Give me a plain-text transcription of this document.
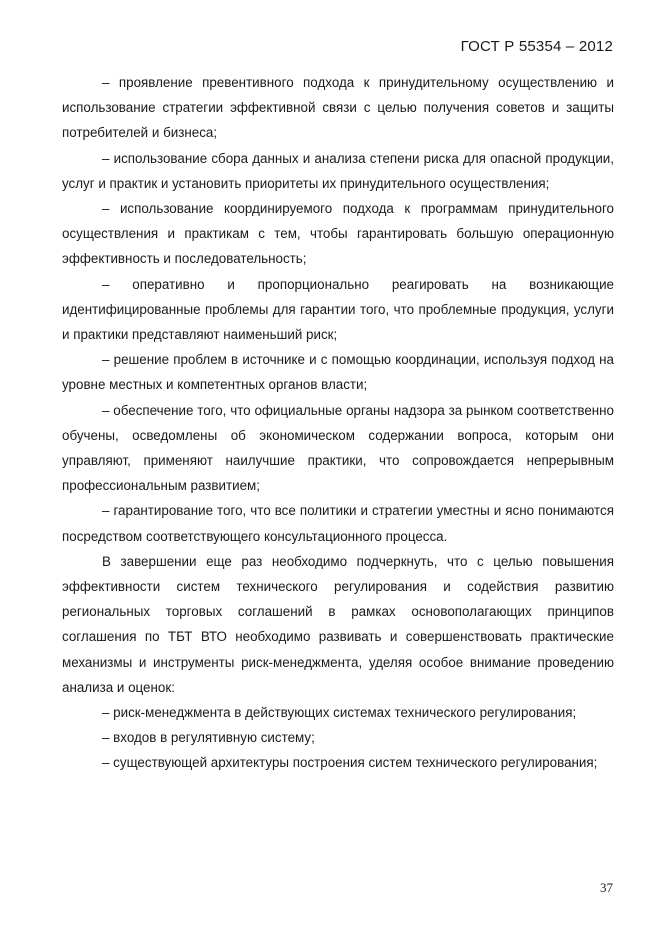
ГОСТ Р 55354 – 2012

– проявление превентивного подхода к принудительному осуществлению и использование стратегии эффективной связи с целью получения советов и защиты потребителей и бизнеса;

– использование сбора данных и анализа степени риска для опасной продукции, услуг и практик и установить приоритеты их принудительного осуществления;

– использование координируемого подхода к программам принудительного осуществления и практикам с тем, чтобы гарантировать большую операционную эффективность и последовательность;

– оперативно и пропорционально реагировать на возникающие идентифицированные проблемы для гарантии того, что проблемные продукция, услуги и практики представляют наименьший риск;

– решение проблем в источнике и с помощью координации, используя подход на уровне местных и компетентных органов власти;

– обеспечение того, что официальные органы надзора за рынком соответственно обучены, осведомлены об экономическом содержании вопроса, которым они управляют, применяют наилучшие практики, что сопровождается непрерывным профессиональным развитием;

– гарантирование того, что все политики и стратегии уместны и ясно понимаются посредством соответствующего консультационного процесса.

В завершении еще раз необходимо подчеркнуть, что с целью повышения эффективности систем технического регулирования и содействия развитию региональных торговых соглашений в рамках основополагающих принципов соглашения по ТБТ ВТО необходимо развивать и совершенствовать практические механизмы и инструменты риск-менеджмента, уделяя особое внимание проведению анализа и оценок:

– риск-менеджмента в действующих системах технического регулирования;

– входов в регулятивную систему;

– существующей архитектуры построения систем технического регулирования;

37
